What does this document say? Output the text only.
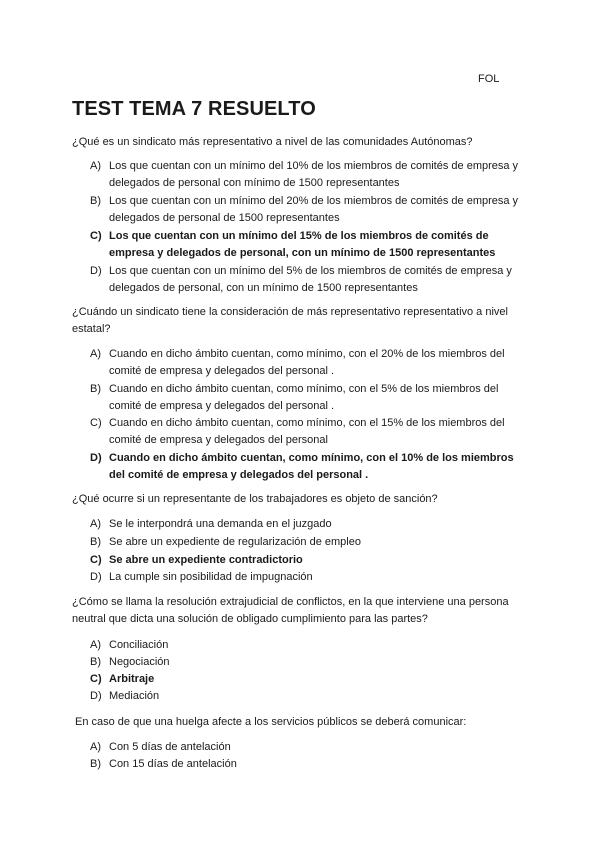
FOL
TEST TEMA 7 RESUELTO

¿Qué es un sindicato más representativo a nivel de las comunidades Autónomas?

A) Los que cuentan con un mínimo del 10% de los miembros de comités de empresa y delegados de personal con mínimo de 1500 representantes
B) Los que cuentan con un mínimo del 20% de los miembros de comités de empresa y delegados de personal de 1500 representantes
C) Los que cuentan con un mínimo del 15% de los miembros de comités de empresa y delegados de personal, con un mínimo de 1500 representantes
D) Los que cuentan con un mínimo del 5% de los miembros de comités de empresa y delegados de personal, con un mínimo de 1500 representantes

¿Cuándo un sindicato tiene la consideración de más representativo representativo a nivel estatal?

A) Cuando en dicho ámbito cuentan, como mínimo, con el 20% de los miembros del comité de empresa y delegados del personal .
B) Cuando en dicho ámbito cuentan, como mínimo, con el 5% de los miembros del comité de empresa y delegados del personal .
C) Cuando en dicho ámbito cuentan, como mínimo, con el 15% de los miembros del comité de empresa y delegados del personal
D) Cuando en dicho ámbito cuentan, como mínimo, con el 10% de los miembros del comité de empresa y delegados del personal .

¿Qué ocurre si un representante de los trabajadores es objeto de sanción?

A) Se le interpondrá una demanda en el juzgado
B) Se abre un expediente de regularización de empleo
C) Se abre un expediente contradictorio
D) La cumple sin posibilidad de impugnación

¿Cómo se llama la resolución extrajudicial de conflictos, en la que interviene una persona neutral que dicta una solución de obligado cumplimiento para las partes?

A) Conciliación
B) Negociación
C) Arbitraje
D) Mediación

En caso de que una huelga afecte a los servicios públicos se deberá comunicar:

A) Con 5 días de antelación
B) Con 15 días de antelación
